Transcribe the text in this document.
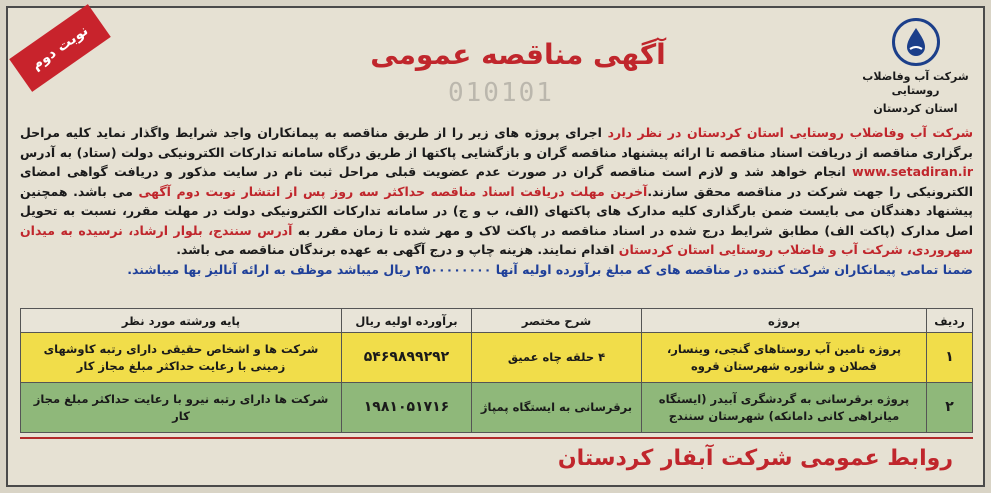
شرکت آب وفاضلاب روستایی
استان کردستان
آگهی مناقصه عمومی
نوبت دوم
010101
شرکت آب وفاضلاب روستایی استان کردستان در نظر دارد اجرای پروژه های زیر را از طریق مناقصه به پیمانکاران واجد شرایط واگذار نماید کلیه مراحل برگزاری مناقصه از دریافت اسناد مناقصه تا ارائه پیشنهاد مناقصه گران و بازگشایی پاکتها از طریق درگاه سامانه تدارکات الکترونیکی دولت (ستاد) به آدرس www.setadiran.ir انجام خواهد شد و لازم است مناقصه گران در صورت عدم عضویت قبلی مراحل ثبت نام در سایت مذکور و دریافت گواهی امضای الکترونیکی را جهت شرکت در مناقصه محقق سازند.آخرین مهلت دریافت اسناد مناقصه حداکثر سه روز پس از انتشار نوبت دوم آگهی می باشد. همچنین پیشنهاد دهندگان می بایست ضمن بارگذاری کلیه مدارک های پاکتهای (الف، ب و ج) در سامانه تدارکات الکترونیکی دولت در مهلت مقرر، نسبت به تحویل اصل مدارک (پاکت الف) مطابق شرایط درج شده در اسناد مناقصه در پاکت لاک و مهر شده تا زمان مقرر به آدرس سنندج، بلوار ارشاد، نرسیده به میدان سهروردی، شرکت آب و فاضلاب روستایی استان کردستان اقدام نمایند. هزینه چاپ و درج آگهی به عهده برندگان مناقصه می باشد.
ضمنا تمامی پیمانکاران شرکت کننده در مناقصه های که مبلغ برآورده اولیه آنها ۲۵۰۰۰۰۰۰۰۰ ریال میباشد موظف به ارائه آنالیز بها میباشند.
ردیف	پروژه	شرح مختصر	برآورده اولیه ریال	پایه ورشته مورد نظر
۱	پروژه تامین آب روستاهای گنجی، وینسار، قصلان و شانوره شهرستان قروه	۴ حلقه چاه عمیق	۵۴۶۹۸۹۹۲۹۲	شرکت ها و اشخاص حقیقی دارای رتبه کاوشهای زمینی با رعایت حداکثر مبلغ مجاز کار
۲	پروژه برقرسانی به گردشگری آبیدر (ایستگاه میانراهی کانی دامانکه) شهرستان سنندج	برقرسانی به ایستگاه پمپاژ	۱۹۸۱۰۵۱۷۱۶	شرکت ها دارای رتبه نیرو با رعایت حداکثر مبلغ مجاز کار
روابط عمومی شرکت آبفار کردستان
